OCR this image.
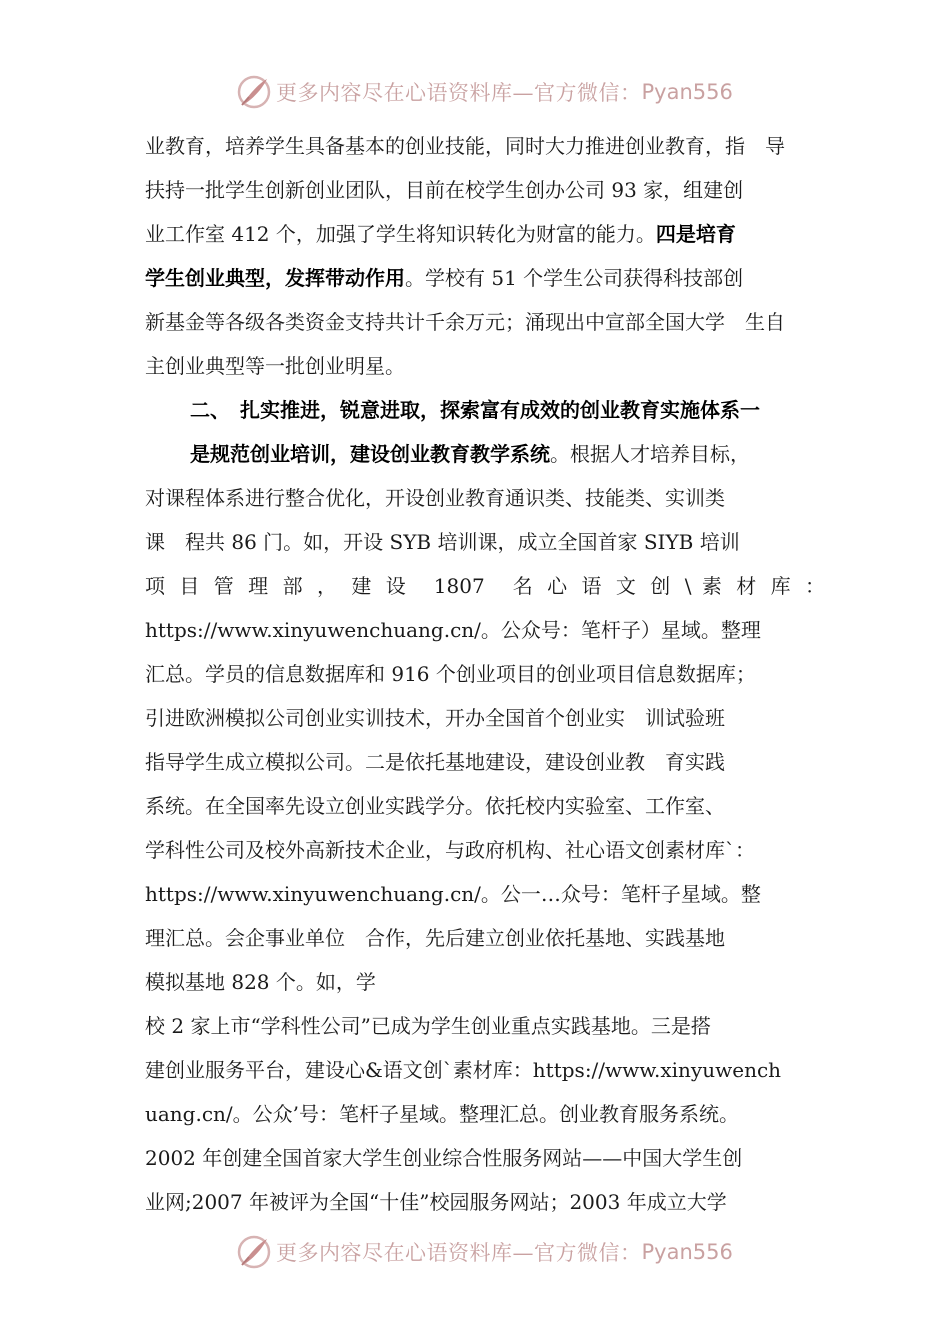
更多内容尽在心语资料库—官方微信： Pyan556
业教育，培养学生具备基本的创业技能，同时大力推进创业教育，指　导
扶持一批学生创新创业团队，目前在校学生创办公司 93 家，组建创
业工作室 412 个，加强了学生将知识转化为财富的能力。四是培育
学生创业典型，发挥带动作用。学校有 51 个学生公司获得科技部创
新基金等各级各类资金支持共计千余万元；涌现出中宣部全国大学　生自
主创业典型等一批创业明星。
二、　扎实推进，锐意进取，探索富有成效的创业教育实施体系一
是规范创业培训，建设创业教育教学系统。根据人才培养目标，
对课程体系进行整合优化，开设创业教育通识类、技能类、实训类
课　程共 86 门。如，开设 SYB 培训课，成立全国首家 SIYB 培训
项 目 管 理 部 ， 建 设　1807　名 心 语 文 创 \ 素 材 库 ：
https://www.xinyuwenchuang.cn/。公众号：笔杆子）星域。整理
汇总。学员的信息数据库和 916 个创业项目的创业项目信息数据库；
引进欧洲模拟公司创业实训技术，开办全国首个创业实　训试验班
指导学生成立模拟公司。二是依托基地建设，建设创业教　育实践
系统。在全国率先设立创业实践学分。依托校内实验室、工作室、
学科性公司及校外高新技术企业，与政府机构、社心语文创素材库`：
https://www.xinyuwenchuang.cn/。公一…众号：笔杆子星域。整
理汇总。会企事业单位　合作，先后建立创业依托基地、实践基地
模拟基地 828 个。如，学
校 2 家上市“学科性公司”已成为学生创业重点实践基地。三是搭
建创业服务平台，建设心&语文创`素材库：https://www.xinyuwench
uang.cn/。公众’号：笔杆子星域。整理汇总。创业教育服务系统。
2002 年创建全国首家大学生创业综合性服务网站——中国大学生创
业网;2007 年被评为全国“十佳”校园服务网站；2003 年成立大学
更多内容尽在心语资料库—官方微信： Pyan556
